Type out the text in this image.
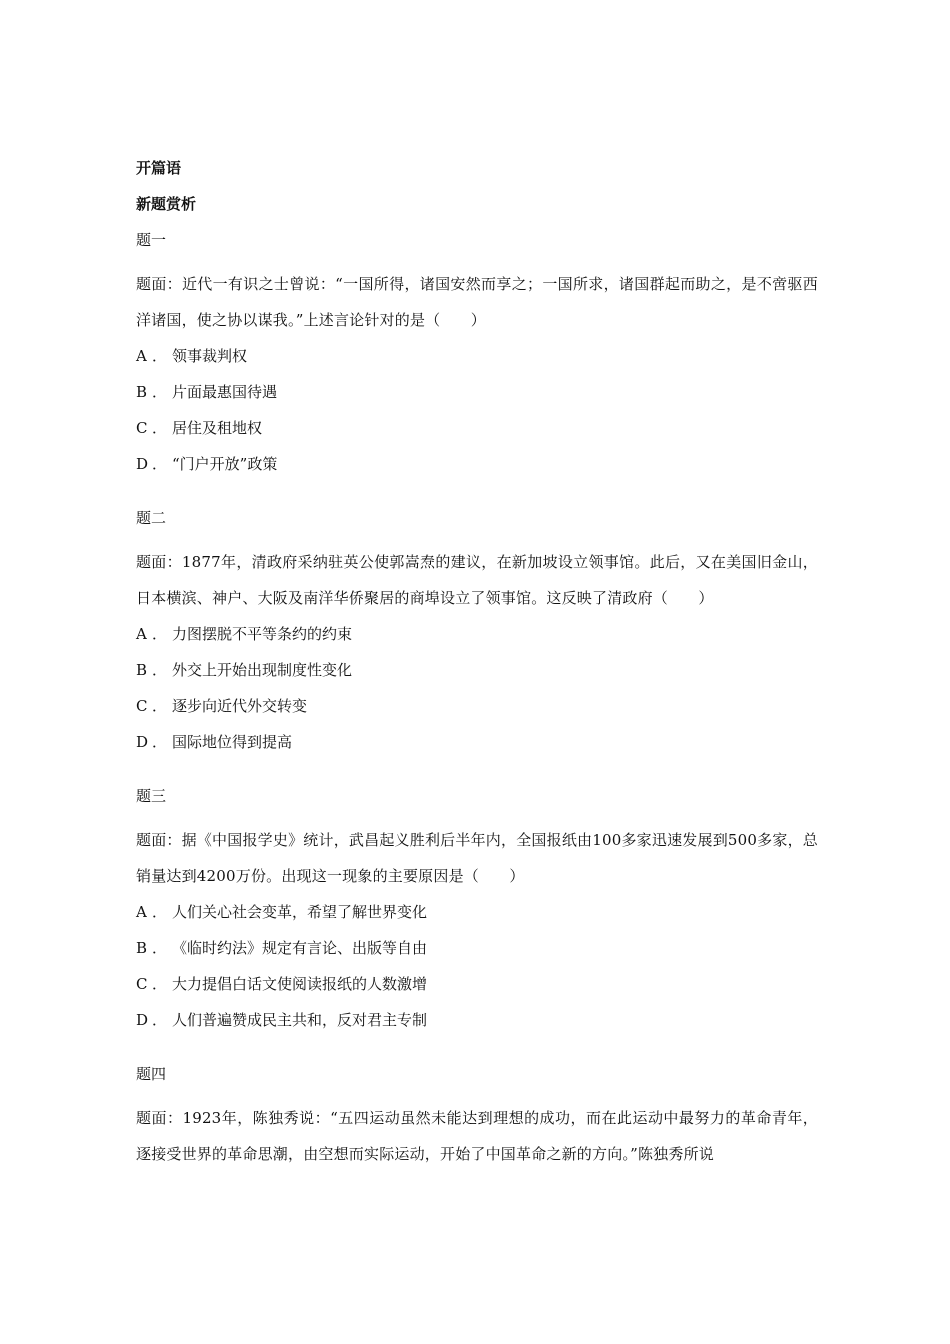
开篇语

新题赏析

题一

题面：近代一有识之士曾说：“一国所得，诸国安然而享之；一国所求，诸国群起而助之，是不啻驱西洋诸国，使之协以谋我。”上述言论针对的是（　　）

A ． 领事裁判权

B ． 片面最惠国待遇

C ． 居住及租地权

D ． “门户开放”政策

题二

题面：1877年，清政府采纳驻英公使郭嵩焘的建议，在新加坡设立领事馆。此后，又在美国旧金山，日本横滨、神户、大阪及南洋华侨聚居的商埠设立了领事馆。这反映了清政府（　　）

A ． 力图摆脱不平等条约的约束

B ． 外交上开始出现制度性变化

C ． 逐步向近代外交转变

D ． 国际地位得到提高

题三

题面：据《中国报学史》统计，武昌起义胜利后半年内，全国报纸由100多家迅速发展到500多家，总销量达到4200万份。出现这一现象的主要原因是（　　）

A ． 人们关心社会变革，希望了解世界变化

B ． 《临时约法》规定有言论、出版等自由

C ． 大力提倡白话文使阅读报纸的人数激增

D ． 人们普遍赞成民主共和，反对君主专制

题四

题面：1923年，陈独秀说：“五四运动虽然未能达到理想的成功，而在此运动中最努力的革命青年，逐接受世界的革命思潮，由空想而实际运动，开始了中国革命之新的方向。”陈独秀所说
